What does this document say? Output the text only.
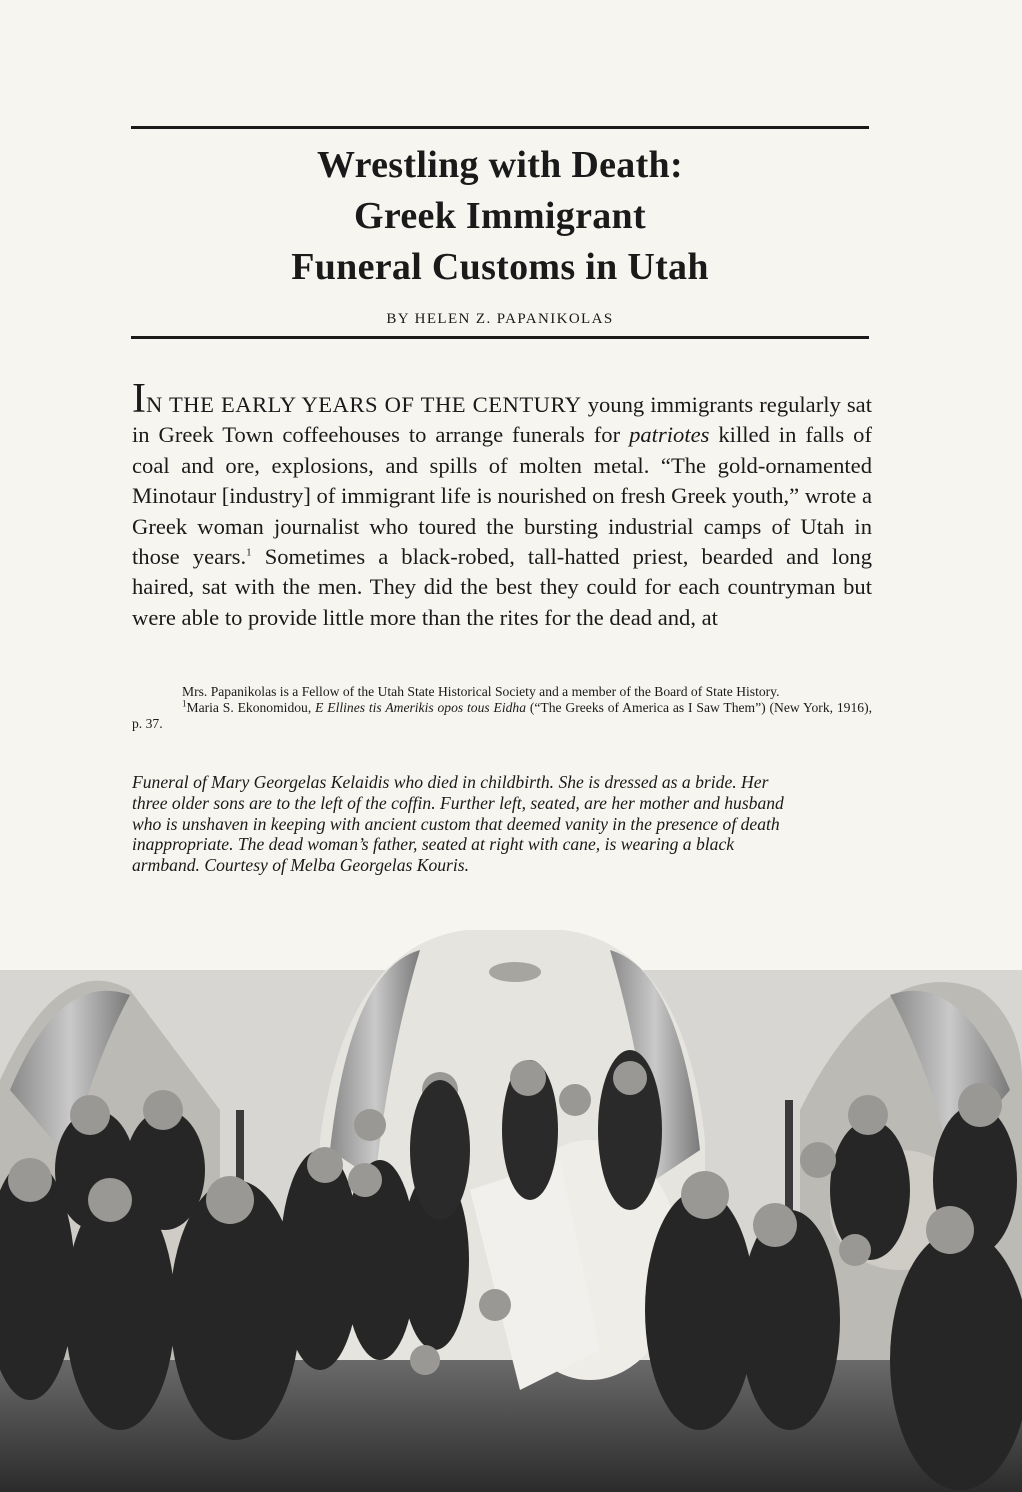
Wrestling with Death:
Greek Immigrant
Funeral Customs in Utah
BY HELEN Z. PAPANIKOLAS
IN THE EARLY YEARS OF THE CENTURY young immigrants regularly sat in Greek Town coffeehouses to arrange funerals for patriotes killed in falls of coal and ore, explosions, and spills of molten metal. “The gold-ornamented Minotaur [industry] of immigrant life is nourished on fresh Greek youth,” wrote a Greek woman journalist who toured the bursting industrial camps of Utah in those years.$^1$ Sometimes a black-robed, tall-hatted priest, bearded and long haired, sat with the men. They did the best they could for each countryman but were able to provide little more than the rites for the dead and, at

Mrs. Papanikolas is a Fellow of the Utah State Historical Society and a member of the Board of State History.

$^1$Maria S. Ekonomidou, E Ellines tis Amerikis opos tous Eidha (“The Greeks of America as I Saw Them”) (New York, 1916), p. 37.

Funeral of Mary Georgelas Kelaidis who died in childbirth. She is dressed as a bride. Her three older sons are to the left of the coffin. Further left, seated, are her mother and husband who is unshaven in keeping with ancient custom that deemed vanity in the presence of death inappropriate. The dead woman’s father, seated at right with cane, is wearing a black armband. Courtesy of Melba Georgelas Kouris.
